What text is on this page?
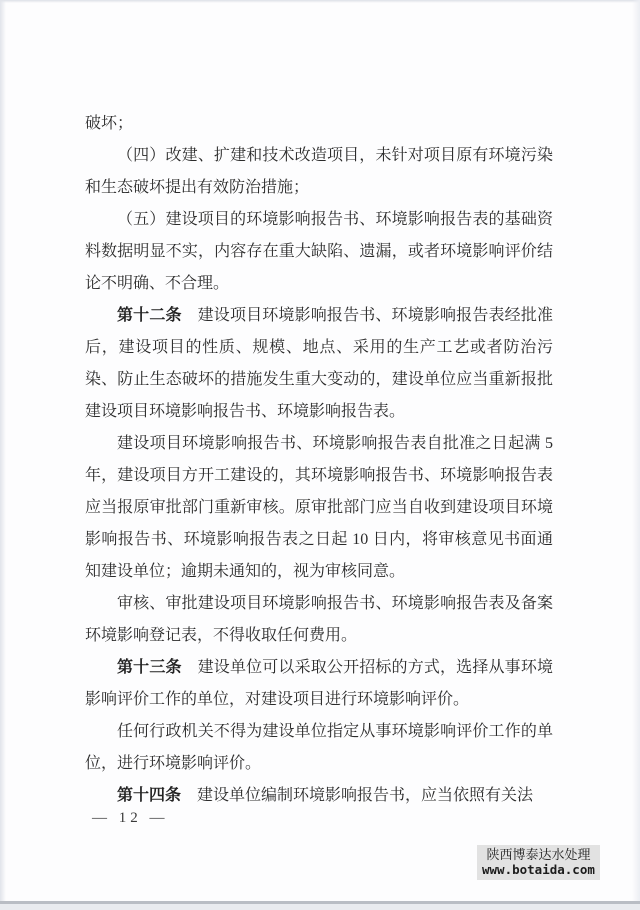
破坏；

（四）改建、扩建和技术改造项目，未针对项目原有环境污染和生态破坏提出有效防治措施；

（五）建设项目的环境影响报告书、环境影响报告表的基础资料数据明显不实，内容存在重大缺陷、遗漏，或者环境影响评价结论不明确、不合理。

第十二条 建设项目环境影响报告书、环境影响报告表经批准后，建设项目的性质、规模、地点、采用的生产工艺或者防治污染、防止生态破坏的措施发生重大变动的，建设单位应当重新报批建设项目环境影响报告书、环境影响报告表。

建设项目环境影响报告书、环境影响报告表自批准之日起满 5 年，建设项目方开工建设的，其环境影响报告书、环境影响报告表应当报原审批部门重新审核。原审批部门应当自收到建设项目环境影响报告书、环境影响报告表之日起 10 日内，将审核意见书面通知建设单位；逾期未通知的，视为审核同意。

审核、审批建设项目环境影响报告书、环境影响报告表及备案环境影响登记表，不得收取任何费用。

第十三条 建设单位可以采取公开招标的方式，选择从事环境影响评价工作的单位，对建设项目进行环境影响评价。

任何行政机关不得为建设单位指定从事环境影响评价工作的单位，进行环境影响评价。

第十四条 建设单位编制环境影响报告书，应当依照有关法

— 12 —
陕西博泰达水处理
www.botaida.com
